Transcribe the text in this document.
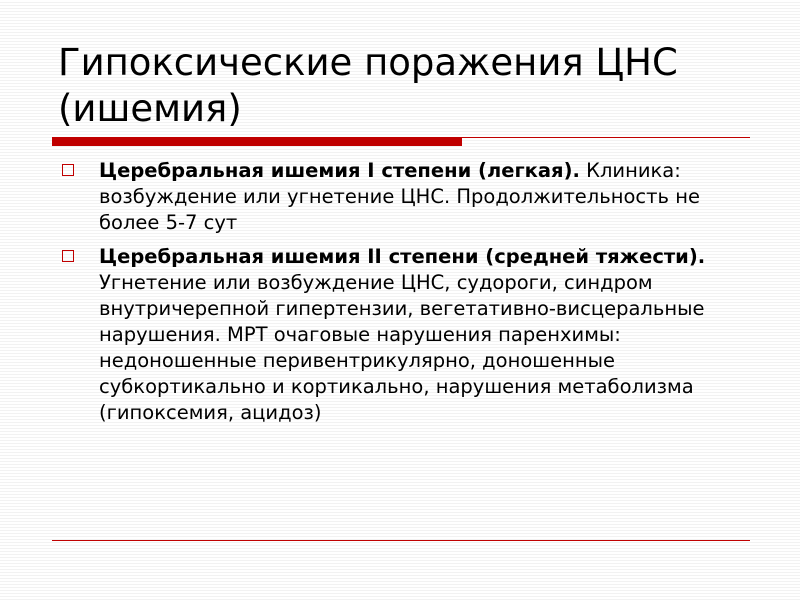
Гипоксические поражения ЦНС
(ишемия)
Церебральная ишемия I степени (легкая). Клиника: возбуждение или угнетение ЦНС. Продолжительность не более 5-7 сут
Церебральная ишемия II степени (средней тяжести). Угнетение или возбуждение ЦНС, судороги, синдром внутричерепной гипертензии, вегетативно-висцеральные нарушения. МРТ очаговые нарушения паренхимы: недоношенные перивентрикулярно, доношенные субкортикально и кортикально, нарушения метаболизма (гипоксемия, ацидоз)
